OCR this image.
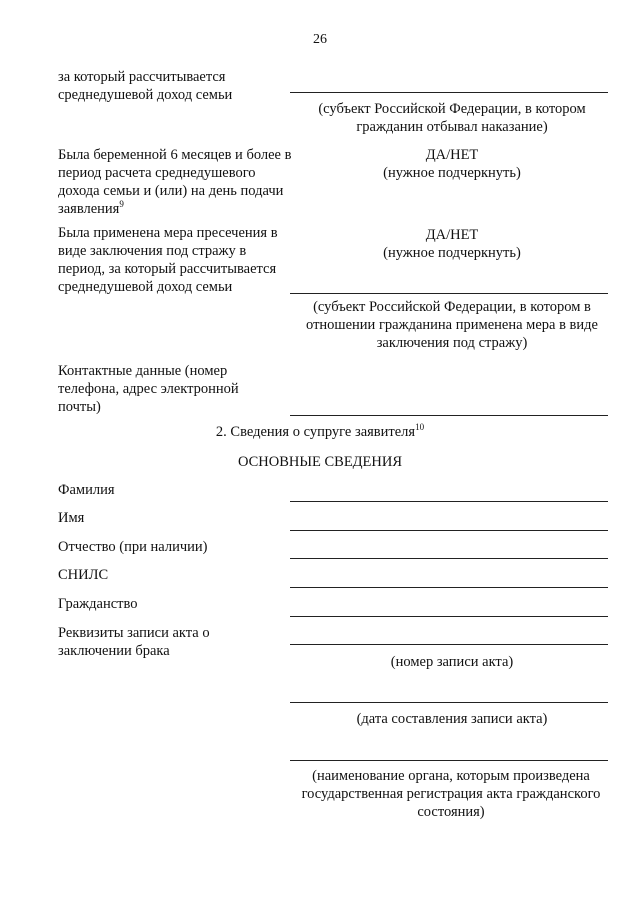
26
за который рассчитывается среднедушевой доход семьи
(субъект Российской Федерации, в котором гражданин отбывал наказание)
Была беременной 6 месяцев и более в период расчета среднедушевого дохода семьи и (или) на день подачи заявления$^9$
ДА/НЕТ
(нужное подчеркнуть)
Была применена мера пресечения в виде заключения под стражу в период, за который рассчитывается среднедушевой доход семьи
ДА/НЕТ
(нужное подчеркнуть)
(субъект Российской Федерации, в котором в отношении гражданина применена мера в виде заключения под стражу)
Контактные данные (номер телефона, адрес электронной почты)
2. Сведения о супруге заявителя$^{10}$
ОСНОВНЫЕ СВЕДЕНИЯ
Фамилия
Имя
Отчество (при наличии)
СНИЛС
Гражданство
Реквизиты записи акта о заключении брака
(номер записи акта)
(дата составления записи акта)
(наименование органа, которым произведена государственная регистрация акта гражданского состояния)
